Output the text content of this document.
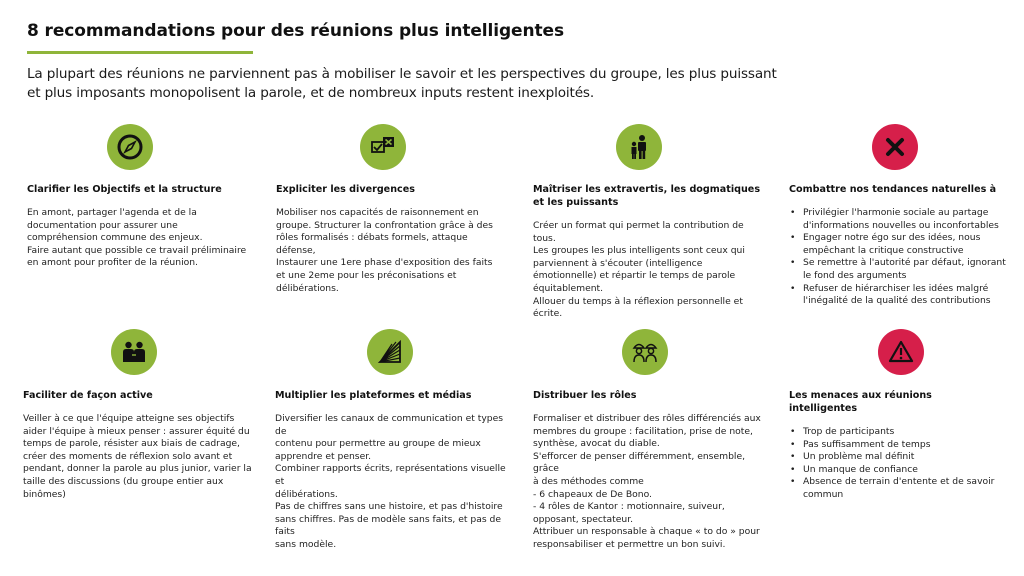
8 recommandations pour des réunions plus intelligentes
La plupart des réunions ne parviennent pas à mobiliser le savoir et les perspectives du groupe, les plus puissant et plus imposants monopolisent la parole, et de nombreux inputs restent inexploités.
Clarifier les Objectifs et la structure
En amont, partager l'agenda et de la
documentation pour assurer une
compréhension commune des enjeux.
Faire autant que possible ce travail préliminaire
en amont pour profiter de la réunion.
Expliciter les divergences
Mobiliser nos capacités de raisonnement en
groupe. Structurer la confrontation grâce à des
rôles formalisés : débats formels, attaque
défense,
Instaurer une 1ere phase d'exposition des faits
et une 2eme pour les préconisations et
délibérations.
Maîtriser les extravertis, les dogmatiques
et les puissants
Créer un format qui permet la contribution de
tous.
Les groupes les plus intelligents sont ceux qui
parviennent à s'écouter (intelligence
émotionnelle) et répartir le temps de parole
équitablement.
Allouer du temps à la réflexion personnelle et
écrite.
Combattre nos tendances naturelles à
• Privilégier l'harmonie sociale au partage d'informations nouvelles ou inconfortables
• Engager notre égo sur des idées, nous empêchant la critique constructive
• Se remettre à l'autorité par défaut, ignorant le fond des arguments
• Refuser de hiérarchiser les idées malgré l'inégalité de la qualité des contributions
Faciliter de façon active
Veiller à ce que l'équipe atteigne ses objectifs
aider l'équipe à mieux penser : assurer équité du
temps de parole, résister aux biais de cadrage,
créer des moments de réflexion solo avant et
pendant, donner la parole au plus junior, varier la
taille des discussions (du groupe entier aux
binômes)
Multiplier les plateformes et médias
Diversifier les canaux de communication et types de
contenu pour permettre au groupe de mieux
apprendre et penser.
Combiner rapports écrits, représentations visuelle et
délibérations.
Pas de chiffres sans une histoire, et pas d'histoire
sans chiffres. Pas de modèle sans faits, et pas de faits
sans modèle.
Distribuer les rôles
Formaliser et distribuer des rôles différenciés aux
membres du groupe : facilitation, prise de note,
synthèse, avocat du diable.
S'efforcer de penser différemment, ensemble, grâce
à des méthodes comme
- 6 chapeaux de De Bono.
- 4 rôles de Kantor : motionnaire, suiveur,
opposant, spectateur.
Attribuer un responsable à chaque « to do » pour
responsabiliser et permettre un bon suivi.
Les menaces aux réunions intelligentes
• Trop de participants
• Pas suffisamment de temps
• Un problème mal définit
• Un manque de confiance
• Absence de terrain d'entente et de savoir commun
